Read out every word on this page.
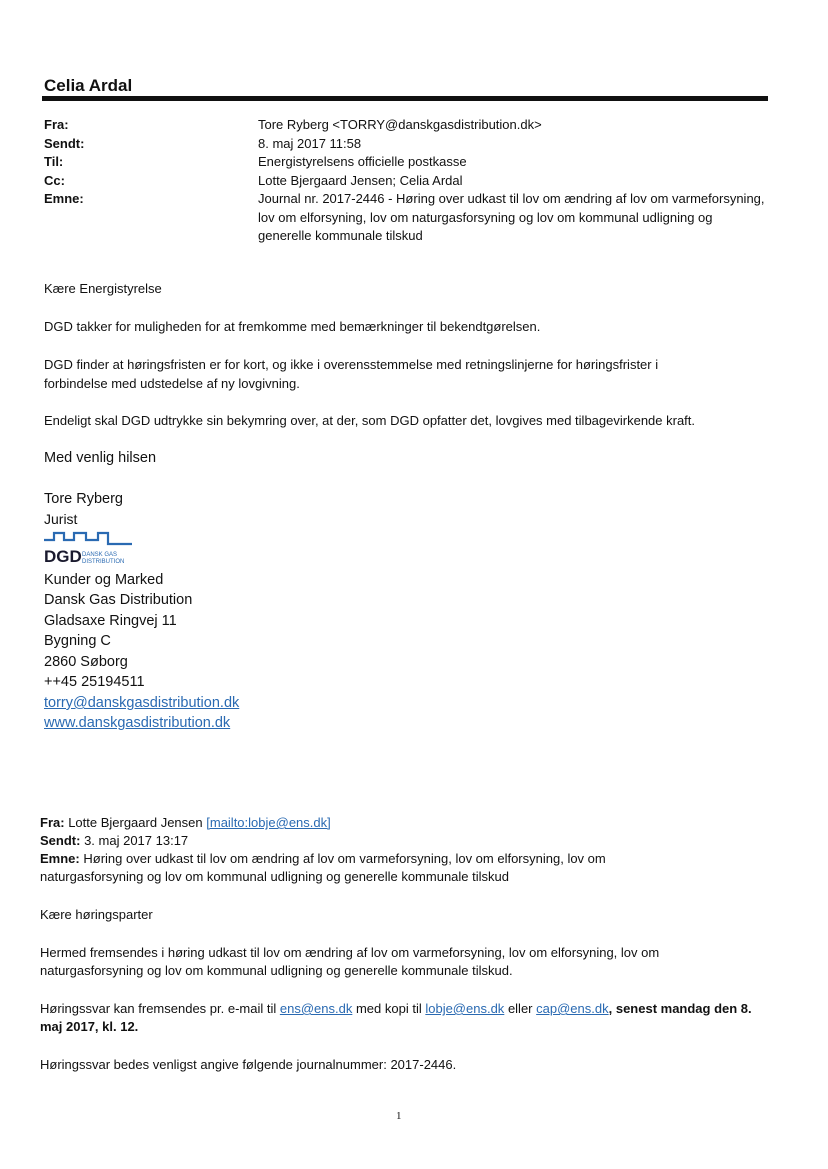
Celia Ardal
Fra:	Tore Ryberg <TORRY@danskgasdistribution.dk>
Sendt:	8. maj 2017 11:58
Til:	Energistyrelsens officielle postkasse
Cc:	Lotte Bjergaard Jensen; Celia Ardal
Emne:	Journal nr. 2017-2446 - Høring over udkast til lov om ændring af lov om varmeforsyning, lov om elforsyning, lov om naturgasforsyning og lov om kommunal udligning og generelle kommunale tilskud
Kære Energistyrelse
DGD takker for muligheden for at fremkomme med bemærkninger til bekendtgørelsen.
DGD finder at høringsfristen er for kort, og ikke i overensstemmelse med retningslinjerne for høringsfrister i forbindelse med udstedelse af ny lovgivning.
Endeligt skal DGD udtrykke sin bekymring over, at der, som DGD opfatter det, lovgives med tilbagevirkende kraft.
Med venlig hilsen
Tore Ryberg
Jurist
DGD DANSK GAS
DISTRIBUTION
Kunder og Marked
Dansk Gas Distribution
Gladsaxe Ringvej 11
Bygning C
2860 Søborg
++45 25194511
torry@danskgasdistribution.dk
www.danskgasdistribution.dk
Fra: Lotte Bjergaard Jensen [mailto:lobje@ens.dk]
Sendt: 3. maj 2017 13:17
Emne: Høring over udkast til lov om ændring af lov om varmeforsyning, lov om elforsyning, lov om naturgasforsyning og lov om kommunal udligning og generelle kommunale tilskud
Kære høringsparter
Hermed fremsendes i høring udkast til lov om ændring af lov om varmeforsyning, lov om elforsyning, lov om naturgasforsyning og lov om kommunal udligning og generelle kommunale tilskud.
Høringssvar kan fremsendes pr. e-mail til ens@ens.dk med kopi til lobje@ens.dk eller cap@ens.dk, senest mandag den 8. maj 2017, kl. 12.
Høringssvar bedes venligst angive følgende journalnummer: 2017-2446.
1
